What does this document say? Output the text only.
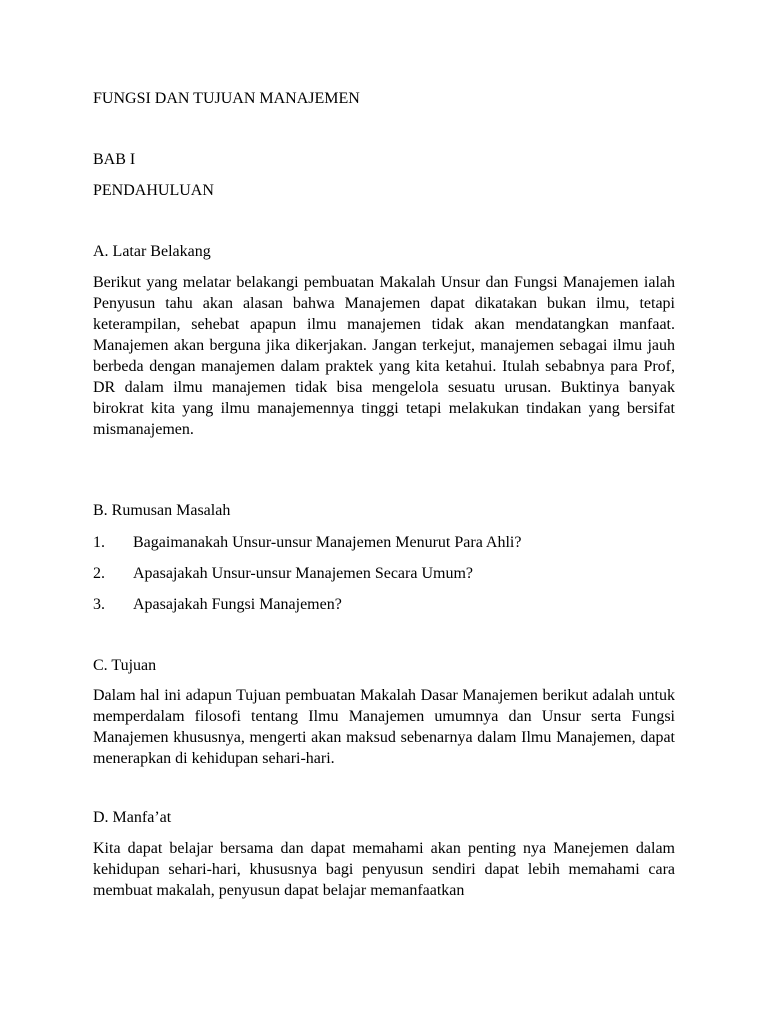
FUNGSI DAN TUJUAN MANAJEMEN
BAB I
PENDAHULUAN
A. Latar Belakang
Berikut yang melatar belakangi pembuatan Makalah Unsur dan Fungsi Manajemen ialah Penyusun tahu akan alasan bahwa Manajemen dapat dikatakan bukan ilmu, tetapi keterampilan, sehebat apapun ilmu manajemen tidak akan mendatangkan manfaat. Manajemen akan berguna jika dikerjakan. Jangan terkejut, manajemen sebagai ilmu jauh berbeda dengan manajemen dalam praktek yang kita ketahui. Itulah sebabnya para Prof, DR dalam ilmu manajemen tidak bisa mengelola sesuatu urusan. Buktinya banyak birokrat kita yang ilmu manajemennya tinggi tetapi melakukan tindakan yang bersifat mismanajemen.
B. Rumusan Masalah
1. Bagaimanakah Unsur-unsur Manajemen Menurut Para Ahli?
2. Apasajakah Unsur-unsur Manajemen Secara Umum?
3. Apasajakah Fungsi Manajemen?
C. Tujuan
Dalam hal ini adapun Tujuan pembuatan Makalah Dasar Manajemen berikut adalah untuk memperdalam filosofi tentang Ilmu Manajemen umumnya dan Unsur serta Fungsi Manajemen khususnya, mengerti akan maksud sebenarnya dalam Ilmu Manajemen, dapat menerapkan di kehidupan sehari-hari.
D. Manfa’at
Kita dapat belajar bersama dan dapat memahami akan penting nya Manejemen dalam kehidupan sehari-hari, khususnya bagi penyusun sendiri dapat lebih memahami cara membuat makalah, penyusun dapat belajar memanfaatkan
